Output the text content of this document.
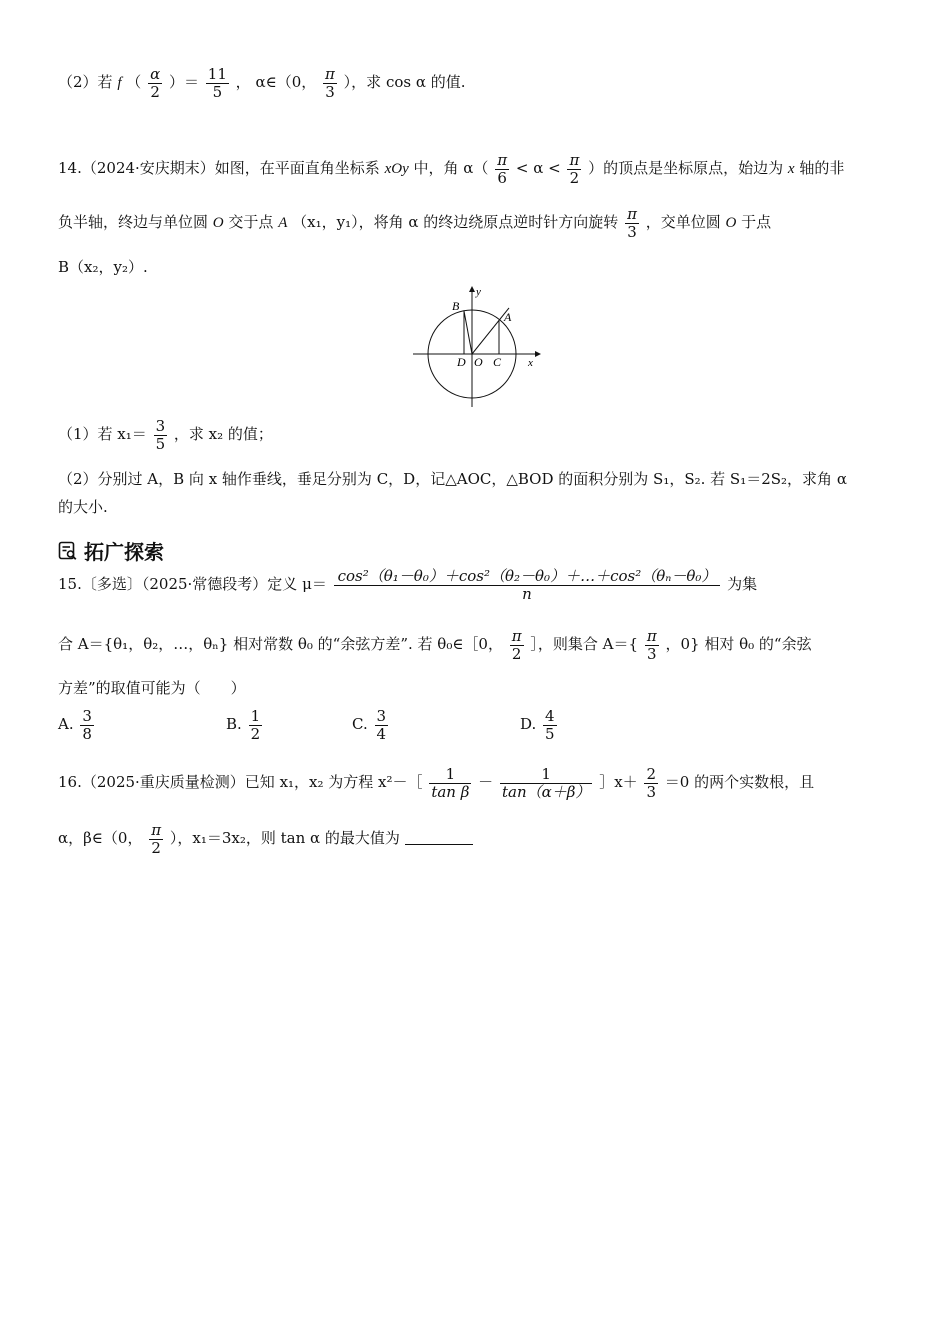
（2）若 f （ $\frac{\alpha}{2}$ ）＝ $\frac{11}{5}$ ， α∈（0， $\frac{\pi}{3}$ ），求 cos α 的值.
14.（2024·安庆期末）如图，在平面直角坐标系 xOy 中，角 $\alpha( \frac{\pi}{6} < \alpha < \frac{\pi}{2}$ ）的顶点是坐标原点，始边为 x 轴的非
负半轴，终边与单位圆 O 交于点 A （x₁，y₁），将角 α 的终边绕原点逆时针方向旋转 $\frac{\pi}{3}$ ，交单位圆 O 于点
B（x₂，y₂）.
B
y
A
D O C x
（1）若 $x_1= \frac{3}{5}$ ，求 x₂ 的值；
（2）分别过 A，B 向 x 轴作垂线，垂足分别为 C，D，记△AOC，△BOD 的面积分别为 S₁，S₂. 若 S₁＝2S₂，求角 α
的大小.
拓广探索
15.〔多选〕（2025·常德段考）定义 $\mu= \frac{\text{cos²（θ₁－θ₀）＋cos²（θ₂－θ₀）＋…＋cos²（θₙ－θ₀）}}{n}$ 为集
合 A＝{θ₁，θ₂，…，θₙ} 相对常数 θ₀ 的“余弦方差”. 若 θ₀∈［0， $\frac{\pi}{2}$ ］，则集合 $A=\{ \frac{\pi}{3}$ ，0} 相对 θ₀ 的“余弦
方差”的取值可能为（　　）
A. $\frac{3}{8}$	B. $\frac{1}{2}$	C. $\frac{3}{4}$	D. $\frac{4}{5}$
16.（2025·重庆质量检测）已知 x₁，x₂ 为方程 x²－［ $\frac{1}{\text{tan β}} - \frac{1}{\tan(\alpha+\beta)}$ ］x＋ $\frac{2}{3} =0$ 的两个实数根，且
α，β∈（0， $\frac{\pi}{2}$ ），x₁＝3x₂，则 tan α 的最大值为
